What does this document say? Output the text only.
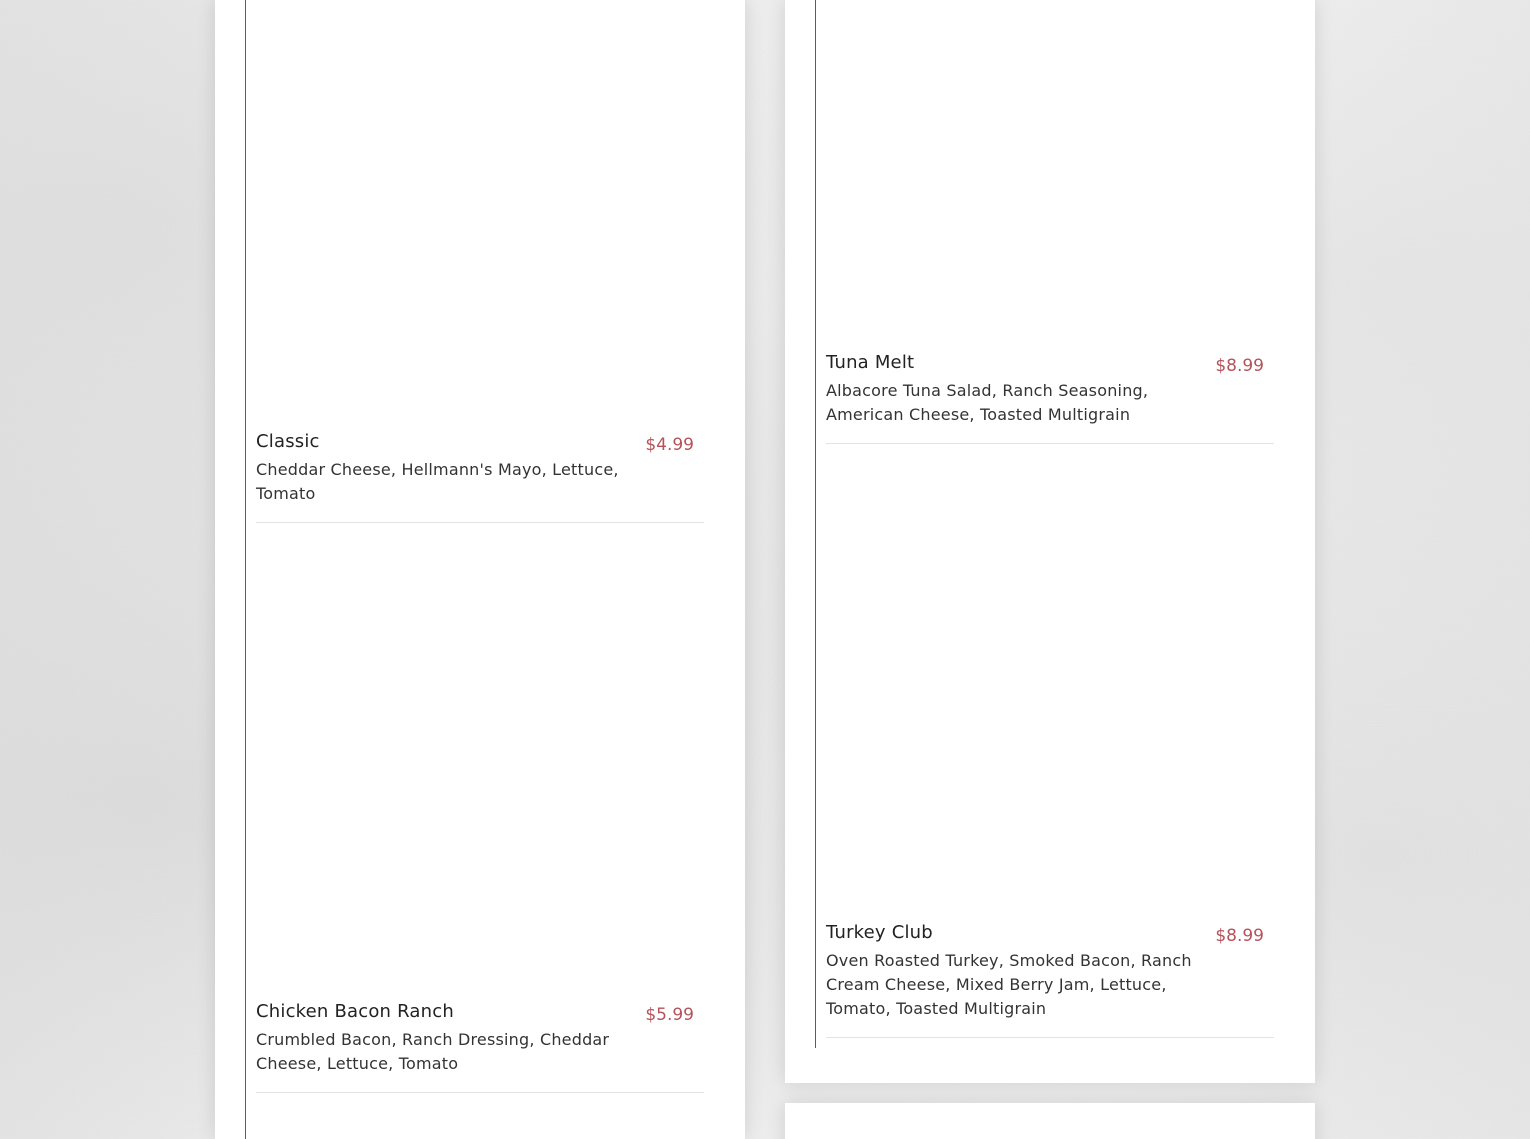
Classic	$4.99
Cheddar Cheese, Hellmann's Mayo, Lettuce, Tomato
Chicken Bacon Ranch	$5.99
Crumbled Bacon, Ranch Dressing, Cheddar Cheese, Lettuce, Tomato
Tuna Melt	$8.99
Albacore Tuna Salad, Ranch Seasoning, American Cheese, Toasted Multigrain
Turkey Club	$8.99
Oven Roasted Turkey, Smoked Bacon, Ranch Cream Cheese, Mixed Berry Jam, Lettuce, Tomato, Toasted Multigrain
